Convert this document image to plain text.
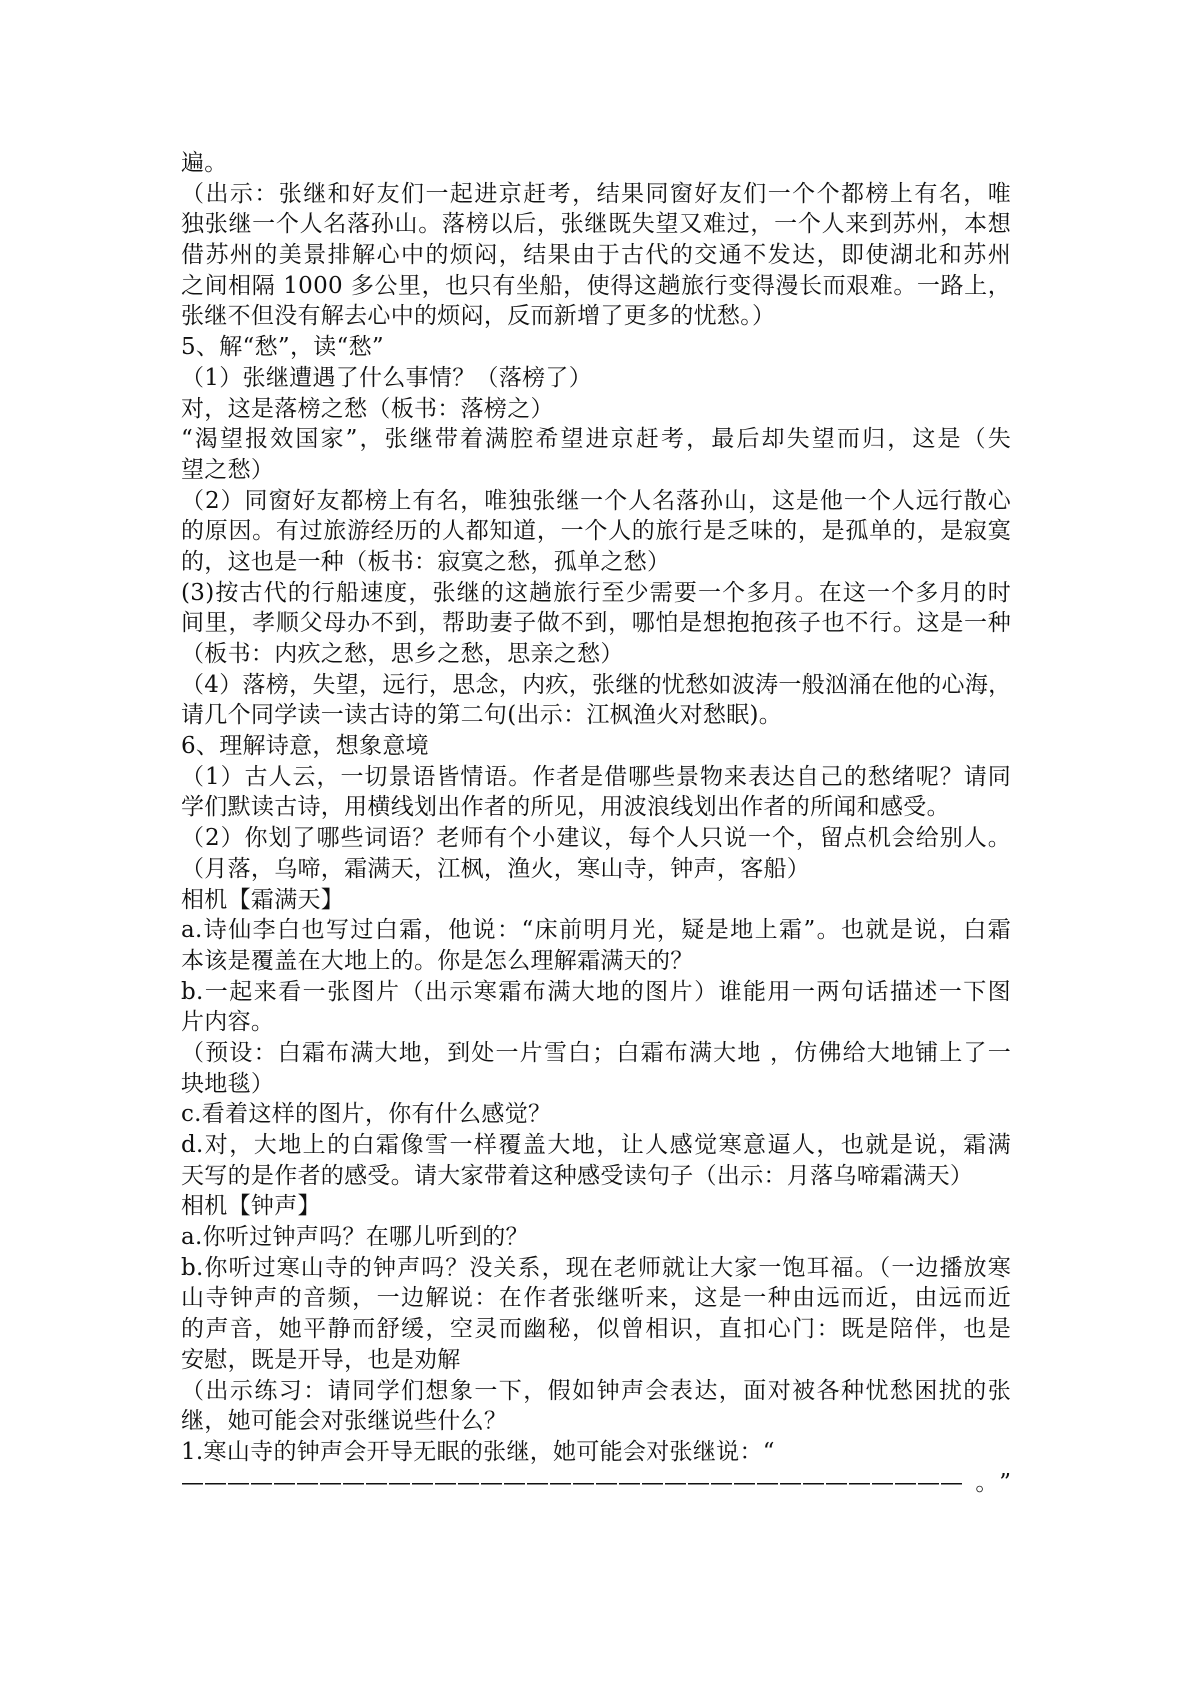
遍。
（出示：张继和好友们一起进京赶考，结果同窗好友们一个个都榜上有名，唯
独张继一个人名落孙山。落榜以后，张继既失望又难过，一个人来到苏州，本想
借苏州的美景排解心中的烦闷，结果由于古代的交通不发达，即使湖北和苏州
之间相隔 1000 多公里，也只有坐船，使得这趟旅行变得漫长而艰难。一路上，
张继不但没有解去心中的烦闷，反而新增了更多的忧愁。）
5、解“愁”，读“愁”
（1）张继遭遇了什么事情？（落榜了）
对，这是落榜之愁（板书：落榜之）
“渴望报效国家”，张继带着满腔希望进京赶考，最后却失望而归，这是（失
望之愁）
（2）同窗好友都榜上有名，唯独张继一个人名落孙山，这是他一个人远行散心
的原因。有过旅游经历的人都知道，一个人的旅行是乏味的，是孤单的，是寂寞
的，这也是一种（板书：寂寞之愁，孤单之愁）
(3)按古代的行船速度，张继的这趟旅行至少需要一个多月。在这一个多月的时
间里，孝顺父母办不到，帮助妻子做不到，哪怕是想抱抱孩子也不行。这是一种
（板书：内疚之愁，思乡之愁，思亲之愁）
（4）落榜，失望，远行，思念，内疚，张继的忧愁如波涛一般汹涌在他的心海，
请几个同学读一读古诗的第二句(出示：江枫渔火对愁眠)。
6、理解诗意，想象意境
（1）古人云，一切景语皆情语。作者是借哪些景物来表达自己的愁绪呢？请同
学们默读古诗，用横线划出作者的所见，用波浪线划出作者的所闻和感受。
（2）你划了哪些词语？老师有个小建议，每个人只说一个，留点机会给别人。
（月落，乌啼，霜满天，江枫，渔火，寒山寺，钟声，客船）
相机【霜满天】
a.诗仙李白也写过白霜，他说：“床前明月光，疑是地上霜”。也就是说，白霜
本该是覆盖在大地上的。你是怎么理解霜满天的？
b.一起来看一张图片（出示寒霜布满大地的图片）谁能用一两句话描述一下图
片内容。
（预设：白霜布满大地，到处一片雪白；白霜布满大地 ，仿佛给大地铺上了一
块地毯）
c.看着这样的图片，你有什么感觉？
d.对，大地上的白霜像雪一样覆盖大地，让人感觉寒意逼人，也就是说，霜满
天写的是作者的感受。请大家带着这种感受读句子（出示：月落乌啼霜满天）
相机【钟声】
a.你听过钟声吗？在哪儿听到的？
b.你听过寒山寺的钟声吗？没关系，现在老师就让大家一饱耳福。（一边播放寒
山寺钟声的音频，一边解说：在作者张继听来，这是一种由远而近，由远而近
的声音，她平静而舒缓，空灵而幽秘，似曾相识，直扣心门：既是陪伴，也是
安慰，既是开导，也是劝解
（出示练习：请同学们想象一下，假如钟声会表达，面对被各种忧愁困扰的张
继，她可能会对张继说些什么？
1.寒山寺的钟声会开导无眠的张继，她可能会对张继说：“
——————————————————————————————————。”
